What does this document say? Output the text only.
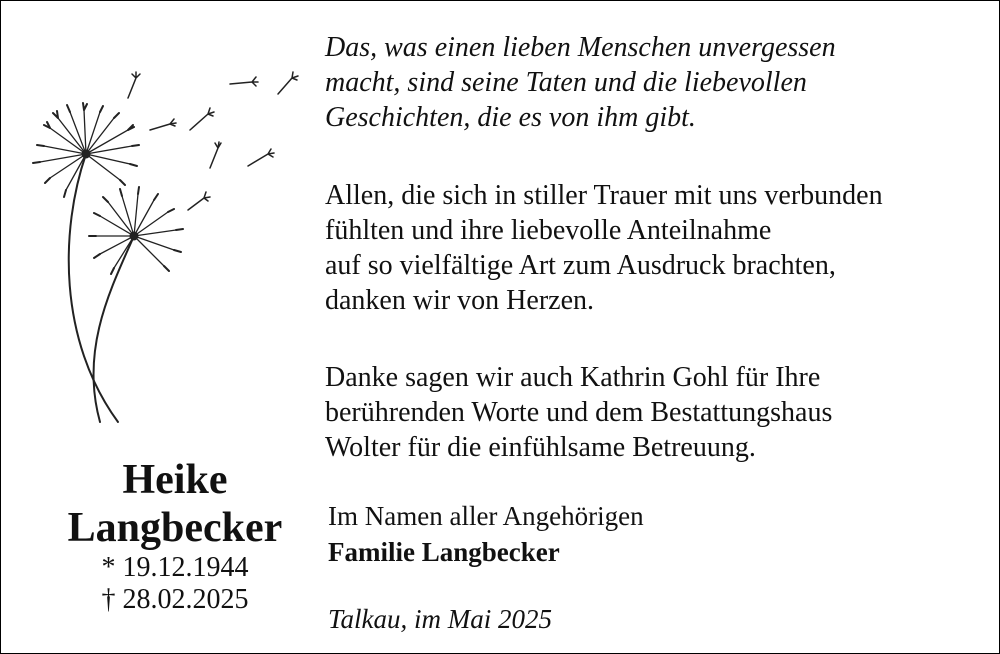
Das, was einen lieben Menschen unvergessen
macht, sind seine Taten und die liebevollen
Geschichten, die es von ihm gibt.
Allen, die sich in stiller Trauer mit uns verbunden
fühlten und ihre liebevolle Anteilnahme
auf so vielfältige Art zum Ausdruck brachten,
danken wir von Herzen.
Danke sagen wir auch Kathrin Gohl für Ihre
berührenden Worte und dem Bestattungshaus
Wolter für die einfühlsame Betreuung.

Heike

Langbecker

* 19.12.1944

† 28.02.2025

Im Namen aller Angehörigen
Familie Langbecker
Talkau, im Mai 2025
